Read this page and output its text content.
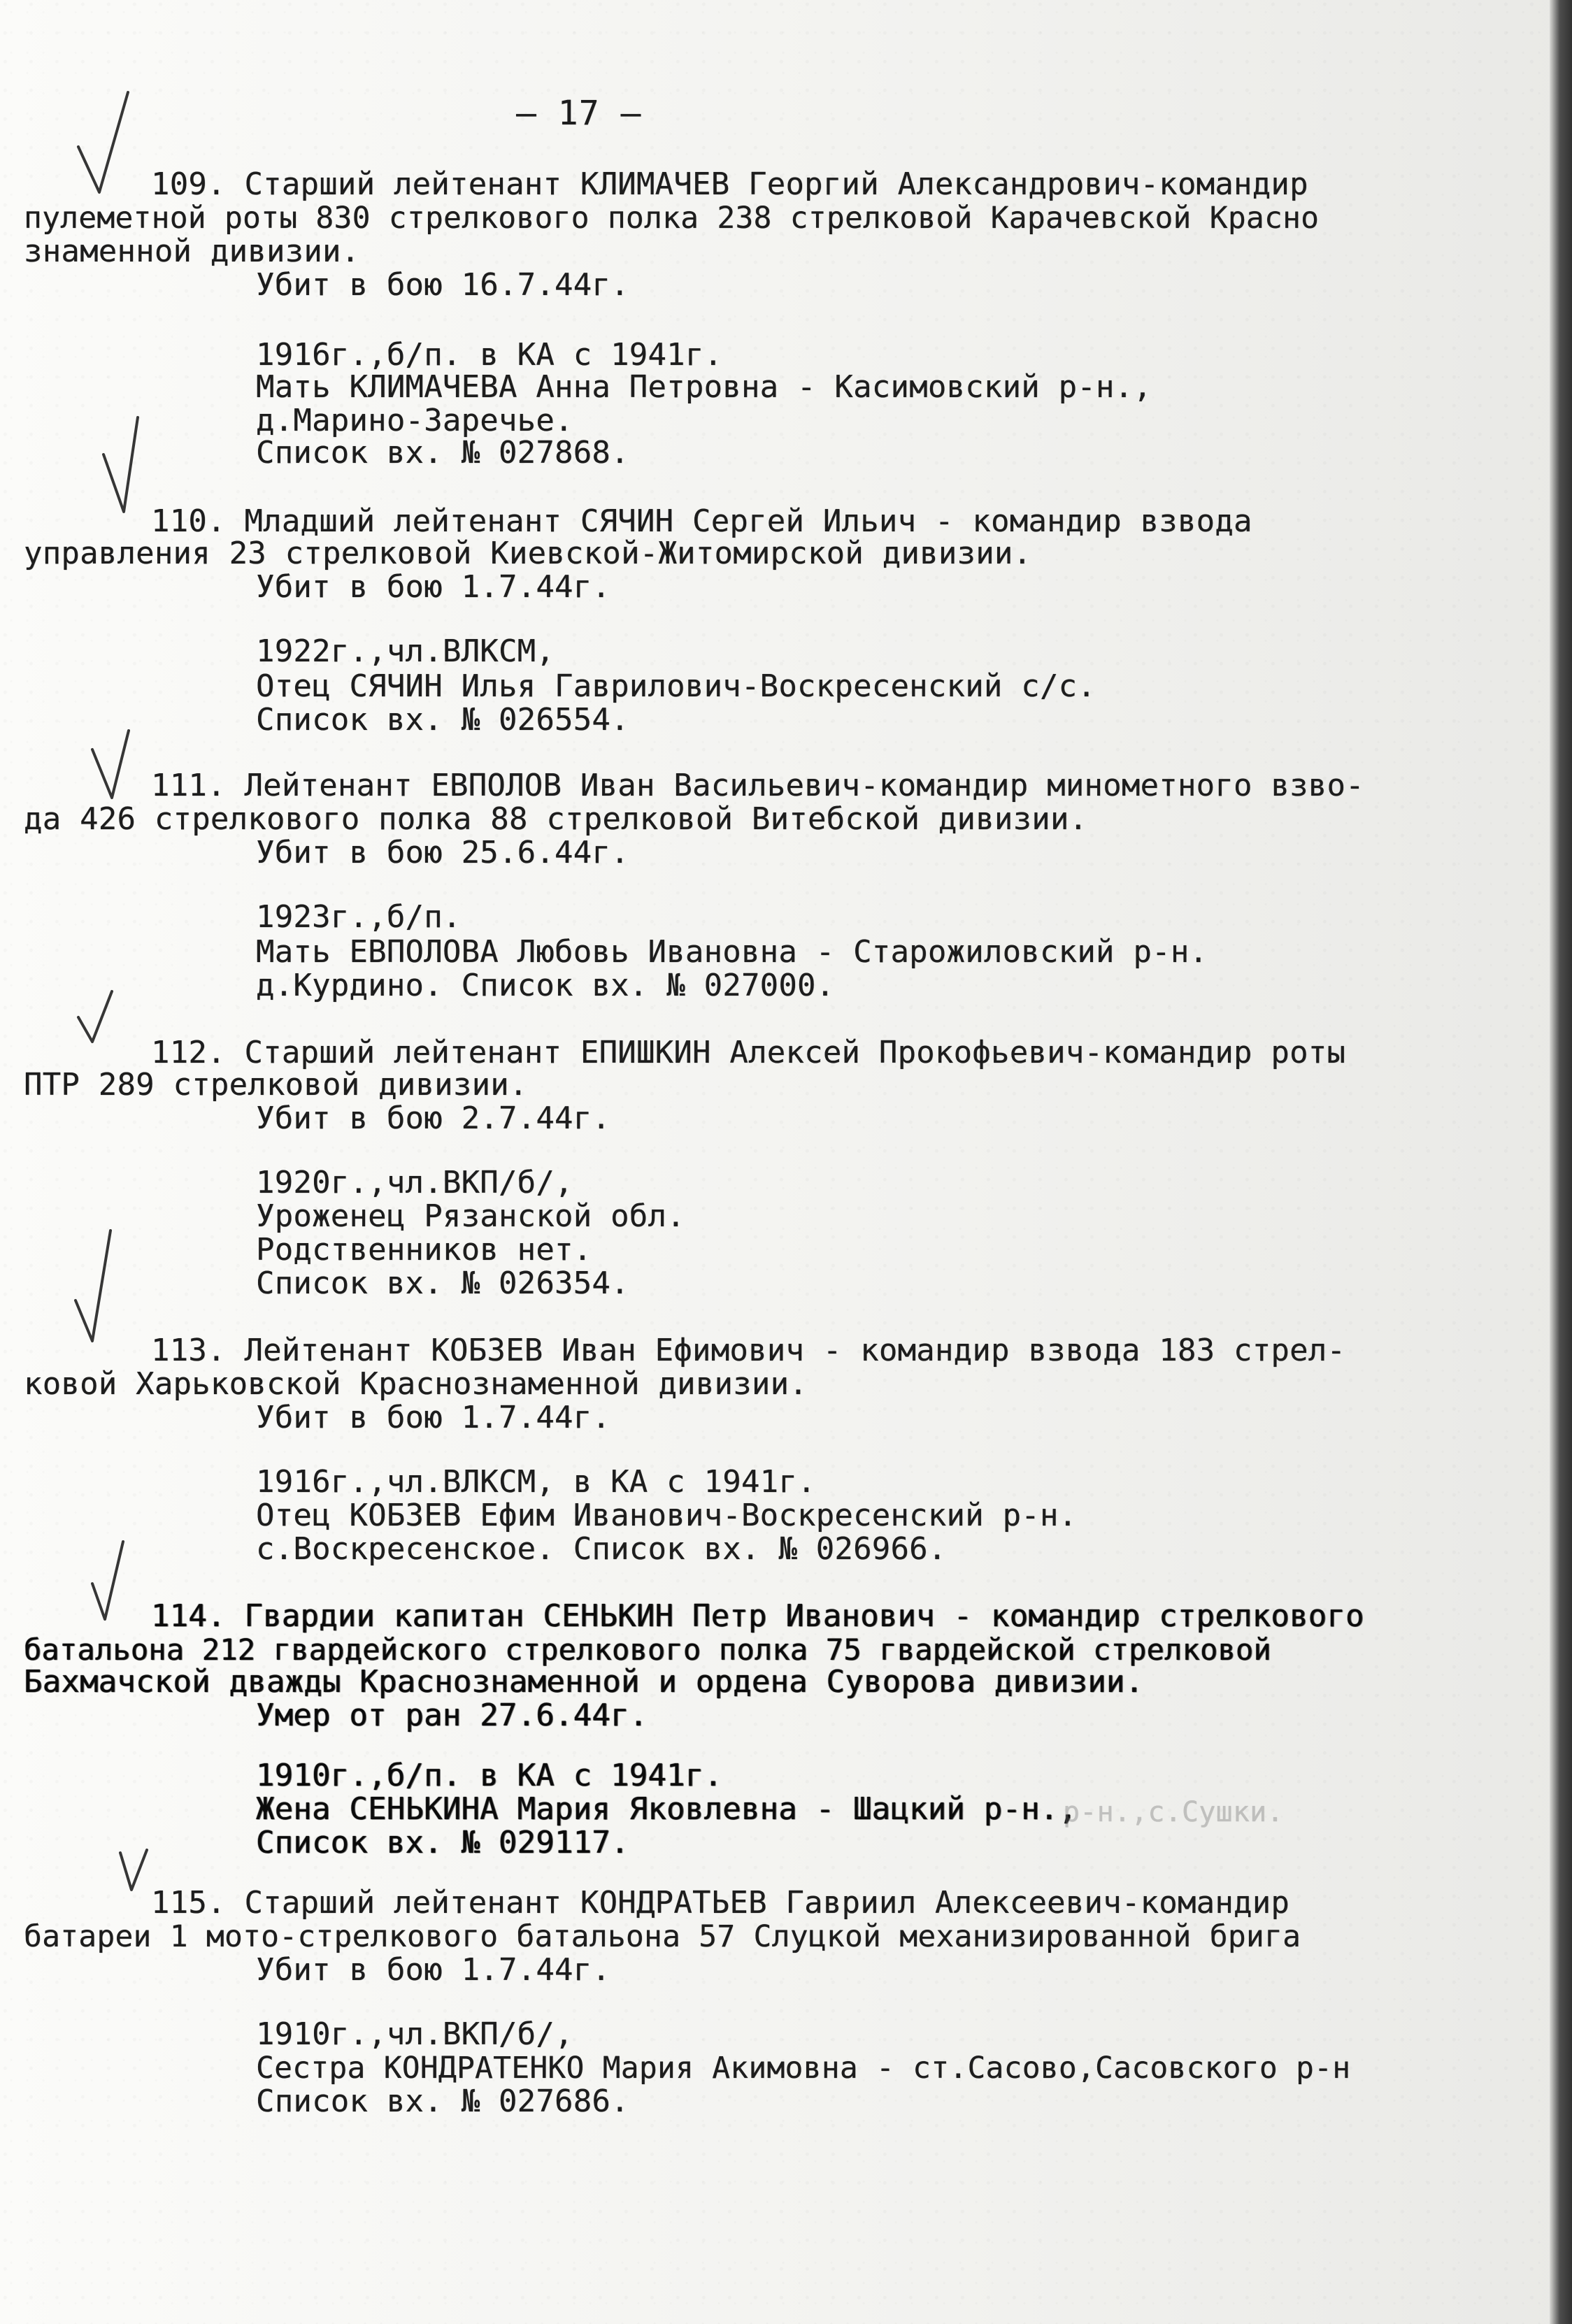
— 17 —

109. Старший лейтенант КЛИМАЧЕВ Георгий Александрович-командир

пулеметной роты 830 стрелкового полка 238 стрелковой Карачевской Красно

знаменной дивизии.

Убит в бою 16.7.44г.

1916г.,б/п. в КА с 1941г.

Мать КЛИМАЧЕВА Анна Петровна - Касимовский р-н.,

д.Марино-Заречье.

Список вх. № 027868.

110. Младший лейтенант СЯЧИН Сергей Ильич - командир взвода

управления 23 стрелковой Киевской-Житомирской дивизии.

Убит в бою 1.7.44г.

1922г.,чл.ВЛКСМ,

Отец СЯЧИН Илья Гаврилович-Воскресенский с/с.

Список вх. № 026554.

111. Лейтенант ЕВПОЛОВ Иван Васильевич-командир минометного взво-

да 426 стрелкового полка 88 стрелковой Витебской дивизии.

Убит в бою 25.6.44г.

1923г.,б/п.

Мать ЕВПОЛОВА Любовь Ивановна - Старожиловский р-н.

д.Курдино. Список вх. № 027000.

112. Старший лейтенант ЕПИШКИН Алексей Прокофьевич-командир роты

ПТР 289 стрелковой дивизии.

Убит в бою 2.7.44г.

1920г.,чл.ВКП/б/,

Уроженец Рязанской обл.

Родственников нет.

Список вх. № 026354.

113. Лейтенант КОБЗЕВ Иван Ефимович - командир взвода 183 стрел-

ковой Харьковской Краснознаменной дивизии.

Убит в бою 1.7.44г.

1916г.,чл.ВЛКСМ, в КА с 1941г.

Отец КОБЗЕВ Ефим Иванович-Воскресенский р-н.

с.Воскресенское. Список вх. № 026966.

114. Гвардии капитан СЕНЬКИН Петр Иванович - командир стрелкового

батальона 212 гвардейского стрелкового полка 75 гвардейской стрелковой

Бахмачской дважды Краснознаменной и ордена Суворова дивизии.

Умер от ран 27.6.44г.

1910г.,б/п. в КА с 1941г.

Жена СЕНЬКИНА Мария Яковлевна - Шацкий р-н.,

Список вх. № 029117.

р-н.,с.Сушки.

115. Старший лейтенант КОНДРАТЬЕВ Гавриил Алексеевич-командир

батареи 1 мото-стрелкового батальона 57 Слуцкой механизированной брига

Убит в бою 1.7.44г.

1910г.,чл.ВКП/б/,

Сестра КОНДРАТЕНКО Мария Акимовна - ст.Сасово,Сасовского р-н

Список вх. № 027686.
